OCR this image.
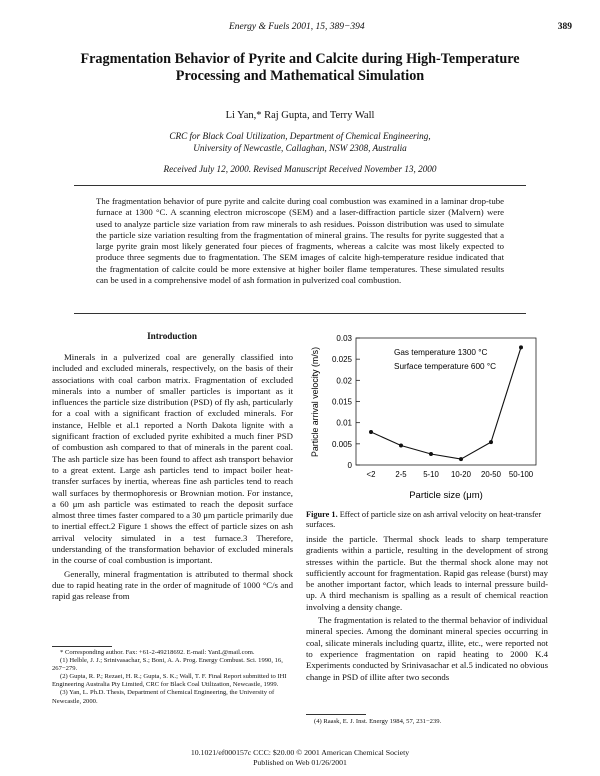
Energy & Fuels 2001, 15, 389−394	389
Fragmentation Behavior of Pyrite and Calcite during High-Temperature Processing and Mathematical Simulation
Li Yan,* Raj Gupta, and Terry Wall
CRC for Black Coal Utilization, Department of Chemical Engineering,
University of Newcastle, Callaghan, NSW 2308, Australia
Received July 12, 2000. Revised Manuscript Received November 13, 2000
The fragmentation behavior of pure pyrite and calcite during coal combustion was examined in a laminar drop-tube furnace at 1300 °C. A scanning electron microscope (SEM) and a laser-diffraction particle sizer (Malvern) were used to analyze particle size variation from raw minerals to ash residues. Poisson distribution was used to simulate the particle size variation resulting from the fragmentation of mineral grains. The results for pyrite suggested that a large pyrite grain most likely generated four pieces of fragments, whereas a calcite was most likely expected to produce three segments due to fragmentation. The SEM images of calcite high-temperature residue indicated that the fragmentation of calcite could be more extensive at higher boiler flame temperatures. These simulated results can be used in a comprehensive model of ash formation in pulverized coal combustion.
Introduction

Minerals in a pulverized coal are generally classified into included and excluded minerals, respectively, on the basis of their associations with coal carbon matrix. Fragmentation of excluded minerals into a number of smaller particles is important as it influences the particle size distribution (PSD) of fly ash, particularly for a coal with a significant fraction of excluded minerals. For instance, Helble et al.1 reported a North Dakota lignite with a significant fraction of excluded pyrite exhibited a much finer PSD of combustion ash compared to that of minerals in the parent coal. The ash particle size has been found to affect ash transport behavior to a great extent. Large ash particles tend to impact boiler heat-transfer surfaces by inertia, whereas fine ash particles tend to reach wall surfaces by thermophoresis or Brownian motion. For instance, a 60 μm ash particle was estimated to reach the deposit surface almost three times faster compared to a 30 μm particle primarily due to inertial effect.2 Figure 1 shows the effect of particle sizes on ash arrival velocity simulated in a test furnace.3 Therefore, understanding of the transformation behavior of excluded minerals in the course of coal combustion is important.

Generally, mineral fragmentation is attributed to thermal shock due to rapid heating rate in the order of magnitude of 1000 °C/s and rapid gas release from

* Corresponding author. Fax: +61-2-49218692. E-mail: YanL@mail.com.

(1) Helble, J. J.; Srinivasachar, S.; Boni, A. A. Prog. Energy Combust. Sci. 1990, 16, 267−279.

(2) Gupta, R. P.; Rezaei, H. R.; Gupta, S. K.; Wall, T. F. Final Report submitted to IHI Engineering Australia Pty Limited, CRC for Black Coal Utilization, Newcastle, 1999.

(3) Yan, L. Ph.D. Thesis, Department of Chemical Engineering, the University of Newcastle, 2000.

0
0.005
0.01
0.015
0.02
0.025
0.03
<2	2-5 5-10 10-20 20-50 50-100
Gas temperature 1300 °C
Surface temperature 600 °C
Particle size (μm)
Particle arrival velocity (m/s)
Figure 1. Effect of particle size on ash arrival velocity on heat-transfer surfaces.

inside the particle. Thermal shock leads to sharp temperature gradients within a particle, resulting in the development of strong stresses within the particle. But the thermal shock alone may not sufficiently account for fragmentation. Rapid gas release (burst) may be another important factor, which leads to internal pressure build-up. A third mechanism is spalling as a result of chemical reaction involving a density change.

The fragmentation is related to the thermal behavior of individual mineral species. Among the dominant mineral species occurring in coal, silicate minerals including quartz, illite, etc., were reported not to experience fragmentation on rapid heating to 2000 K.4 Experiments conducted by Srinivasachar et al.5 indicated no obvious change in PSD of illite after two seconds

(4) Raask, E. J. Inst. Energy 1984, 57, 231−239.

10.1021/ef000157c CCC: $20.00 © 2001 American Chemical Society
Published on Web 01/26/2001
